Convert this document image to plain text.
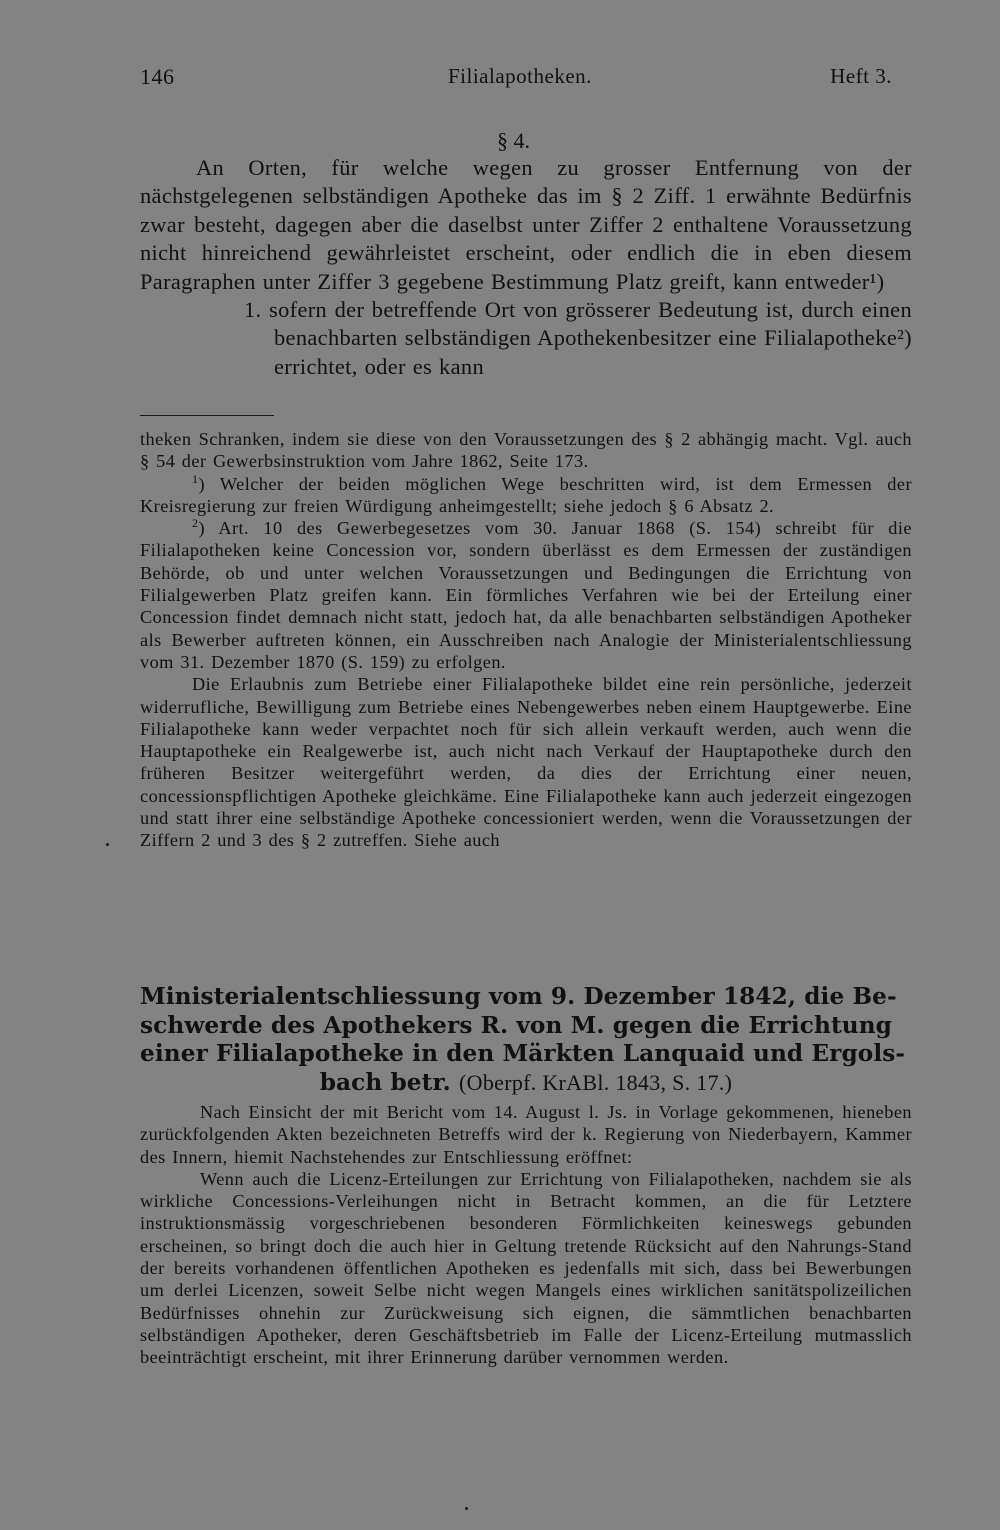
146	Filialapotheken.	Heft 3.
§ 4.

An Orten, für welche wegen zu grosser Entfernung von der nächstgelegenen selbständigen Apotheke das im § 2 Ziff. 1 erwähnte Bedürfnis zwar besteht, dagegen aber die daselbst unter Ziffer 2 enthaltene Voraussetzung nicht hinreichend gewährleistet erscheint, oder endlich die in eben diesem Paragraphen unter Ziffer 3 gegebene Bestimmung Platz greift, kann entweder¹)

1. sofern der betreffende Ort von grösserer Bedeutung ist, durch einen benachbarten selbständigen Apothekenbesitzer eine Filialapotheke²) errichtet, oder es kann

theken Schranken, indem sie diese von den Voraussetzungen des § 2 abhängig macht. Vgl. auch § 54 der Gewerbsinstruktion vom Jahre 1862, Seite 173.

$^1$) Welcher der beiden möglichen Wege beschritten wird, ist dem Ermessen der Kreisregierung zur freien Würdigung anheimgestellt; siehe jedoch § 6 Absatz 2.

$^2$) Art. 10 des Gewerbegesetzes vom 30. Januar 1868 (S. 154) schreibt für die Filialapotheken keine Concession vor, sondern überlässt es dem Ermessen der zuständigen Behörde, ob und unter welchen Voraussetzungen und Bedingungen die Errichtung von Filialgewerben Platz greifen kann. Ein förmliches Verfahren wie bei der Erteilung einer Concession findet demnach nicht statt, jedoch hat, da alle benachbarten selbständigen Apotheker als Bewerber auftreten können, ein Ausschreiben nach Analogie der Ministerialentschliessung vom 31. Dezember 1870 (S. 159) zu erfolgen.

Die Erlaubnis zum Betriebe einer Filialapotheke bildet eine rein persönliche, jederzeit widerrufliche, Bewilligung zum Betriebe eines Nebengewerbes neben einem Hauptgewerbe. Eine Filialapotheke kann weder verpachtet noch für sich allein verkauft werden, auch wenn die Hauptapotheke ein Realgewerbe ist, auch nicht nach Verkauf der Hauptapotheke durch den früheren Besitzer weitergeführt werden, da dies der Errichtung einer neuen, concessionspflichtigen Apotheke gleichkäme. Eine Filialapotheke kann auch jederzeit eingezogen und statt ihrer eine selbständige Apotheke concessioniert werden, wenn die Voraussetzungen der Ziffern 2 und 3 des § 2 zutreffen. Siehe auch

Ministerialentschliessung vom 9. Dezember 1842, die Be-
schwerde des Apothekers R. von M. gegen die Errichtung
einer Filialapotheke in den Märkten Lanquaid und Ergols-
bach betr. (Oberpf. KrABl. 1843, S. 17.)

Nach Einsicht der mit Bericht vom 14. August l. Js. in Vorlage gekommenen, hieneben zurückfolgenden Akten bezeichneten Betreffs wird der k. Regierung von Niederbayern, Kammer des Innern, hiemit Nachstehendes zur Entschliessung eröffnet:

Wenn auch die Licenz-Erteilungen zur Errichtung von Filialapotheken, nachdem sie als wirkliche Concessions-Verleihungen nicht in Betracht kommen, an die für Letztere instruktionsmässig vorgeschriebenen besonderen Förmlichkeiten keineswegs gebunden erscheinen, so bringt doch die auch hier in Geltung tretende Rücksicht auf den Nahrungs-Stand der bereits vorhandenen öffentlichen Apotheken es jedenfalls mit sich, dass bei Bewerbungen um derlei Licenzen, soweit Selbe nicht wegen Mangels eines wirklichen sanitätspolizeilichen Bedürfnisses ohnehin zur Zurückweisung sich eignen, die sämmtlichen benachbarten selbständigen Apotheker, deren Geschäftsbetrieb im Falle der Licenz-Erteilung mutmasslich beeinträchtigt erscheint, mit ihrer Erinnerung darüber vernommen werden.
